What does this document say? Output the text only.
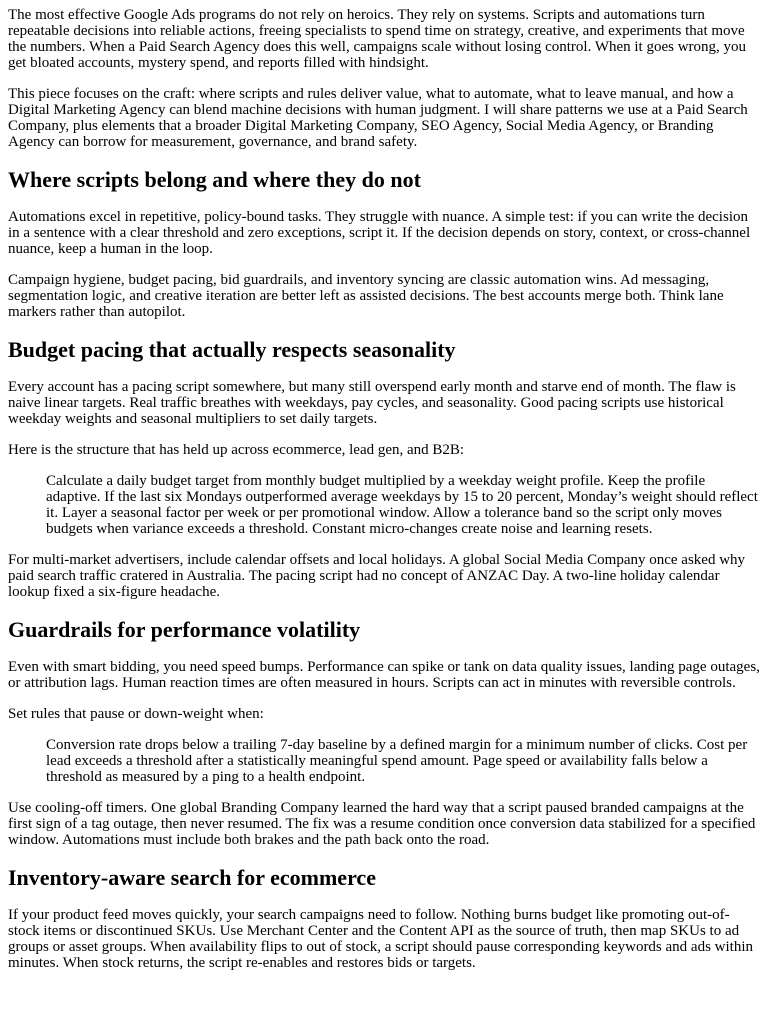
The most effective Google Ads programs do not rely on heroics. They rely on systems. Scripts and automations turn repeatable decisions into reliable actions, freeing specialists to spend time on strategy, creative, and experiments that move the numbers. When a Paid Search Agency does this well, campaigns scale without losing control. When it goes wrong, you get bloated accounts, mystery spend, and reports filled with hindsight.

This piece focuses on the craft: where scripts and rules deliver value, what to automate, what to leave manual, and how a Digital Marketing Agency can blend machine decisions with human judgment. I will share patterns we use at a Paid Search Company, plus elements that a broader Digital Marketing Company, SEO Agency, Social Media Agency, or Branding Agency can borrow for measurement, governance, and brand safety.

Where scripts belong and where they do not

Automations excel in repetitive, policy-bound tasks. They struggle with nuance. A simple test: if you can write the decision in a sentence with a clear threshold and zero exceptions, script it. If the decision depends on story, context, or cross-channel nuance, keep a human in the loop.

Campaign hygiene, budget pacing, bid guardrails, and inventory syncing are classic automation wins. Ad messaging, segmentation logic, and creative iteration are better left as assisted decisions. The best accounts merge both. Think lane markers rather than autopilot.

Budget pacing that actually respects seasonality

Every account has a pacing script somewhere, but many still overspend early month and starve end of month. The flaw is naive linear targets. Real traffic breathes with weekdays, pay cycles, and seasonality. Good pacing scripts use historical weekday weights and seasonal multipliers to set daily targets.

Here is the structure that has held up across ecommerce, lead gen, and B2B:

Calculate a daily budget target from monthly budget multiplied by a weekday weight profile. Keep the profile adaptive. If the last six Mondays outperformed average weekdays by 15 to 20 percent, Monday’s weight should reflect it. Layer a seasonal factor per week or per promotional window. Allow a tolerance band so the script only moves budgets when variance exceeds a threshold. Constant micro-changes create noise and learning resets.

For multi-market advertisers, include calendar offsets and local holidays. A global Social Media Company once asked why paid search traffic cratered in Australia. The pacing script had no concept of ANZAC Day. A two-line holiday calendar lookup fixed a six-figure headache.

Guardrails for performance volatility

Even with smart bidding, you need speed bumps. Performance can spike or tank on data quality issues, landing page outages, or attribution lags. Human reaction times are often measured in hours. Scripts can act in minutes with reversible controls.

Set rules that pause or down-weight when:

Conversion rate drops below a trailing 7-day baseline by a defined margin for a minimum number of clicks. Cost per lead exceeds a threshold after a statistically meaningful spend amount. Page speed or availability falls below a threshold as measured by a ping to a health endpoint.

Use cooling-off timers. One global Branding Company learned the hard way that a script paused branded campaigns at the first sign of a tag outage, then never resumed. The fix was a resume condition once conversion data stabilized for a specified window. Automations must include both brakes and the path back onto the road.

Inventory-aware search for ecommerce

If your product feed moves quickly, your search campaigns need to follow. Nothing burns budget like promoting out-of-stock items or discontinued SKUs. Use Merchant Center and the Content API as the source of truth, then map SKUs to ad groups or asset groups. When availability flips to out of stock, a script should pause corresponding keywords and ads within minutes. When stock returns, the script re-enables and restores bids or targets.
